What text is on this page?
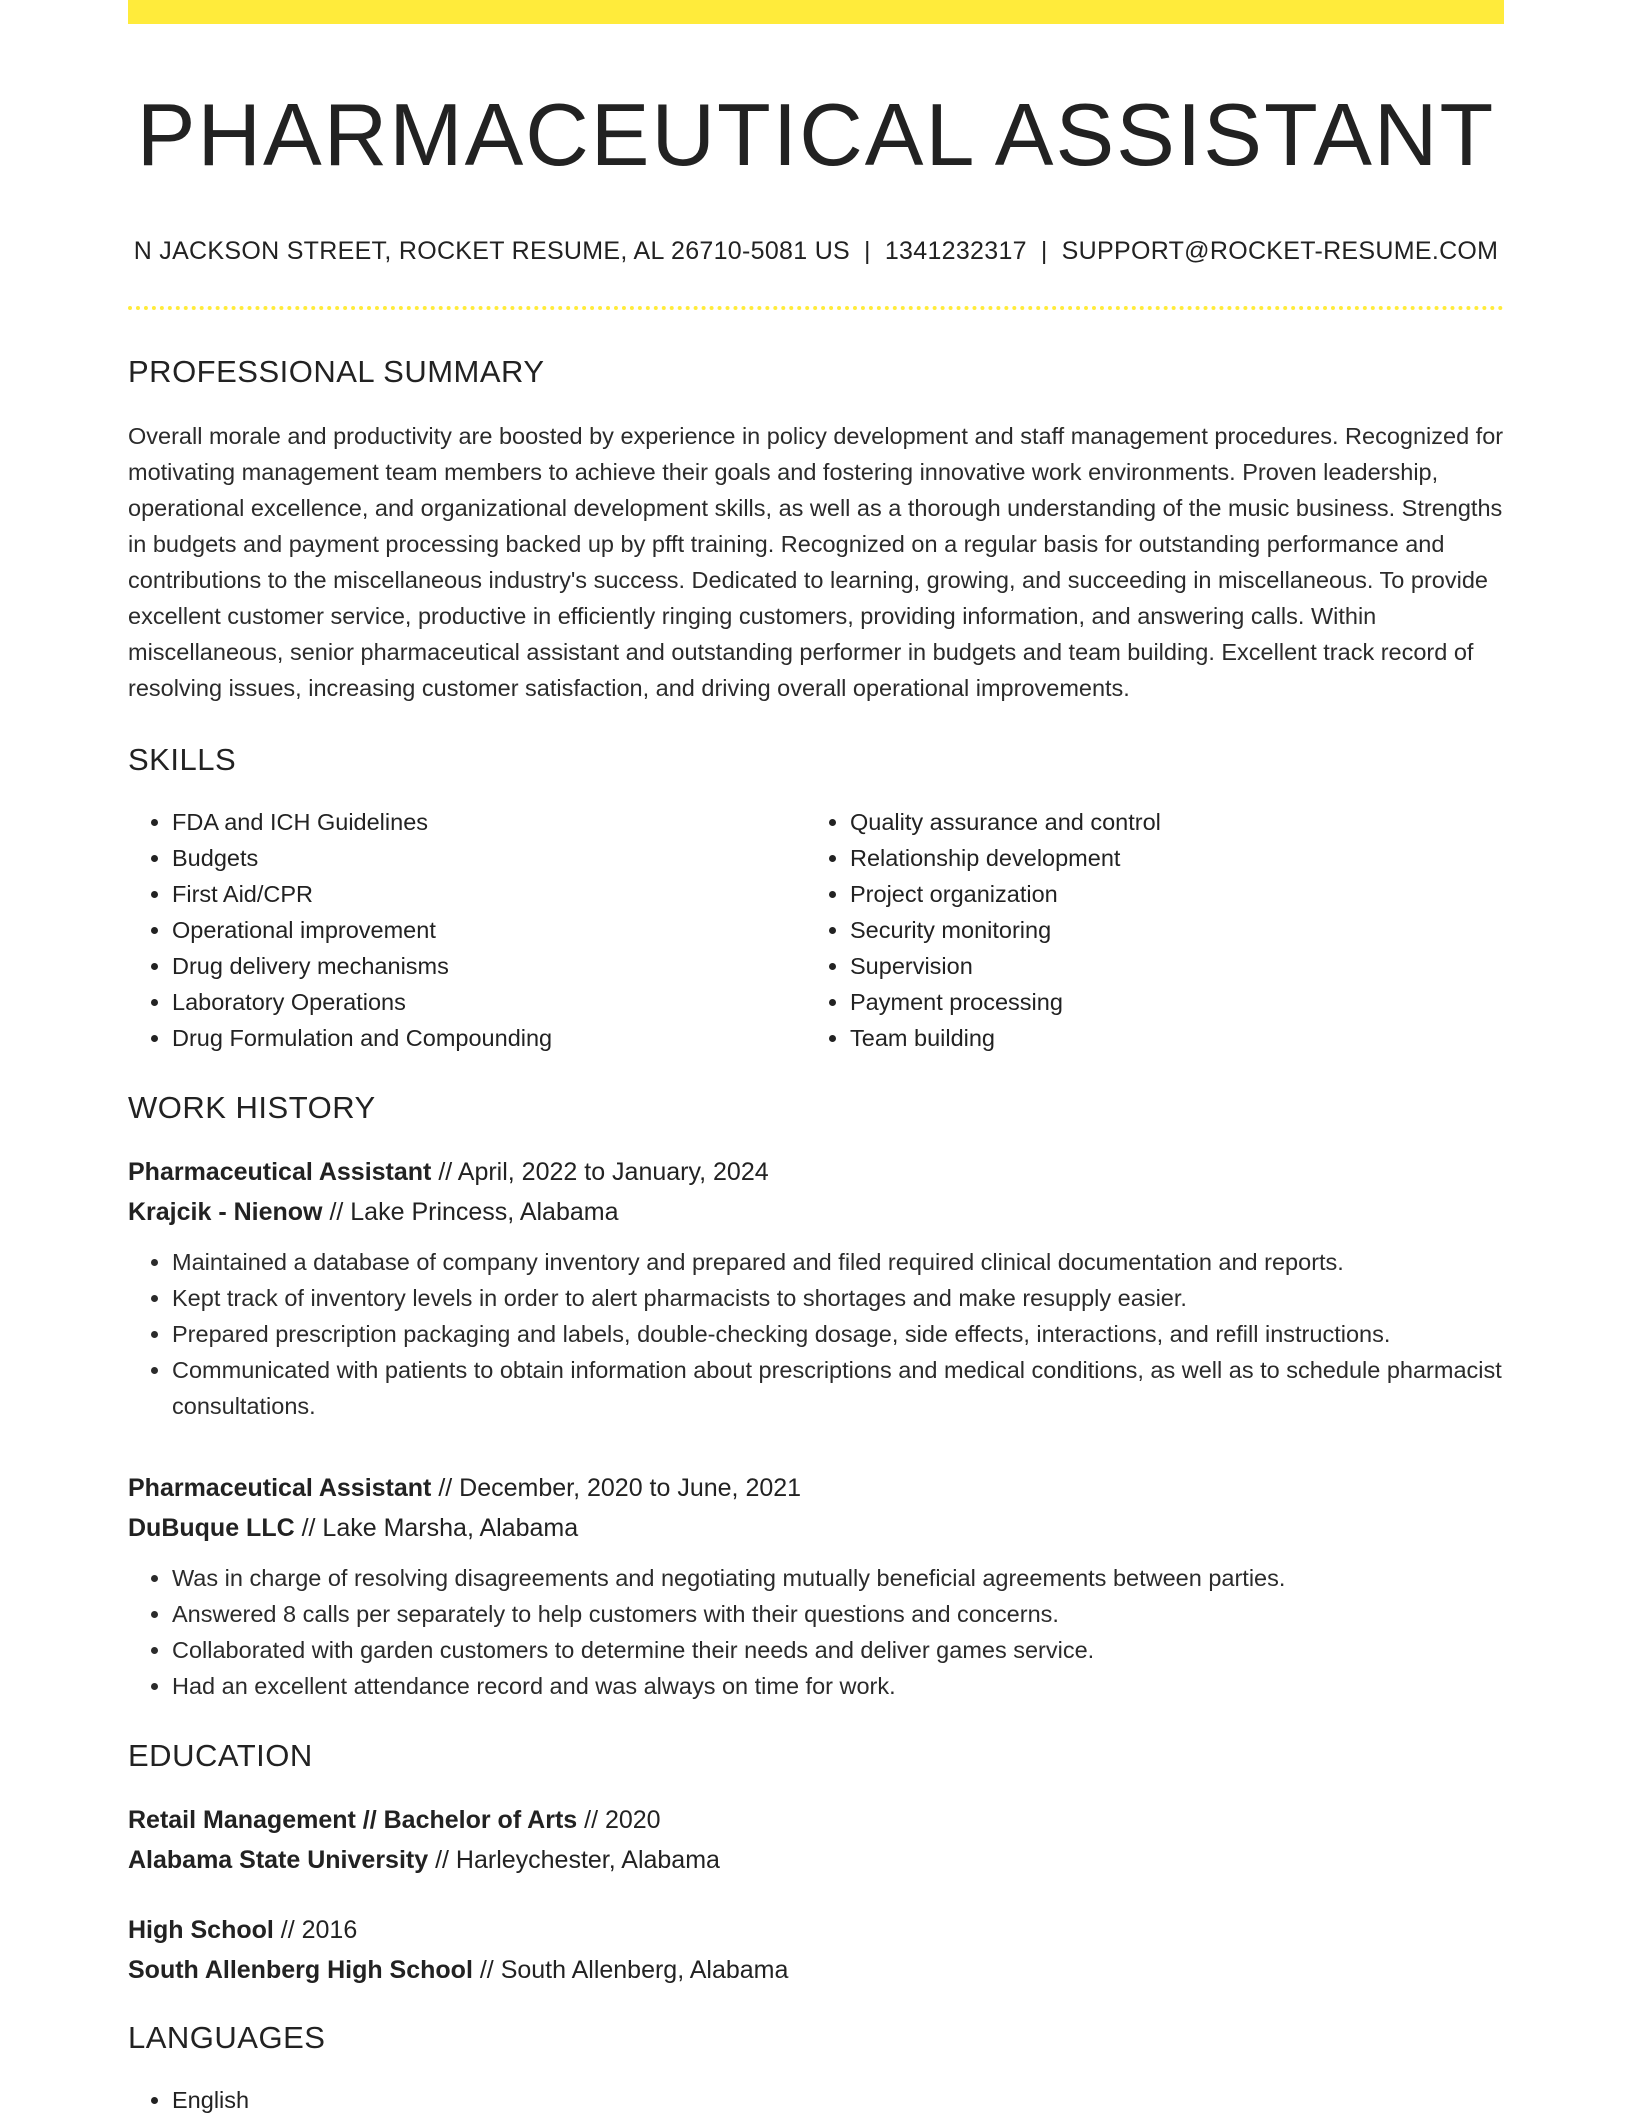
PHARMACEUTICAL ASSISTANT
N JACKSON STREET, ROCKET RESUME, AL 26710-5081 US | 1341232317 | SUPPORT@ROCKET-RESUME.COM
PROFESSIONAL SUMMARY
Overall morale and productivity are boosted by experience in policy development and staff management procedures. Recognized for motivating management team members to achieve their goals and fostering innovative work environments. Proven leadership, operational excellence, and organizational development skills, as well as a thorough understanding of the music business. Strengths in budgets and payment processing backed up by pfft training. Recognized on a regular basis for outstanding performance and contributions to the miscellaneous industry's success. Dedicated to learning, growing, and succeeding in miscellaneous. To provide excellent customer service, productive in efficiently ringing customers, providing information, and answering calls. Within miscellaneous, senior pharmaceutical assistant and outstanding performer in budgets and team building. Excellent track record of resolving issues, increasing customer satisfaction, and driving overall operational improvements.
SKILLS
• FDA and ICH Guidelines
• Budgets
• First Aid/CPR
• Operational improvement
• Drug delivery mechanisms
• Laboratory Operations
• Drug Formulation and Compounding
• Quality assurance and control
• Relationship development
• Project organization
• Security monitoring
• Supervision
• Payment processing
• Team building
WORK HISTORY
Pharmaceutical Assistant // April, 2022 to January, 2024
Krajcik - Nienow // Lake Princess, Alabama
• Maintained a database of company inventory and prepared and filed required clinical documentation and reports.
• Kept track of inventory levels in order to alert pharmacists to shortages and make resupply easier.
• Prepared prescription packaging and labels, double-checking dosage, side effects, interactions, and refill instructions.
• Communicated with patients to obtain information about prescriptions and medical conditions, as well as to schedule pharmacist consultations.
Pharmaceutical Assistant // December, 2020 to June, 2021
DuBuque LLC // Lake Marsha, Alabama
• Was in charge of resolving disagreements and negotiating mutually beneficial agreements between parties.
• Answered 8 calls per separately to help customers with their questions and concerns.
• Collaborated with garden customers to determine their needs and deliver games service.
• Had an excellent attendance record and was always on time for work.
EDUCATION
Retail Management // Bachelor of Arts // 2020
Alabama State University // Harleychester, Alabama
High School // 2016
South Allenberg High School // South Allenberg, Alabama
LANGUAGES
• English
